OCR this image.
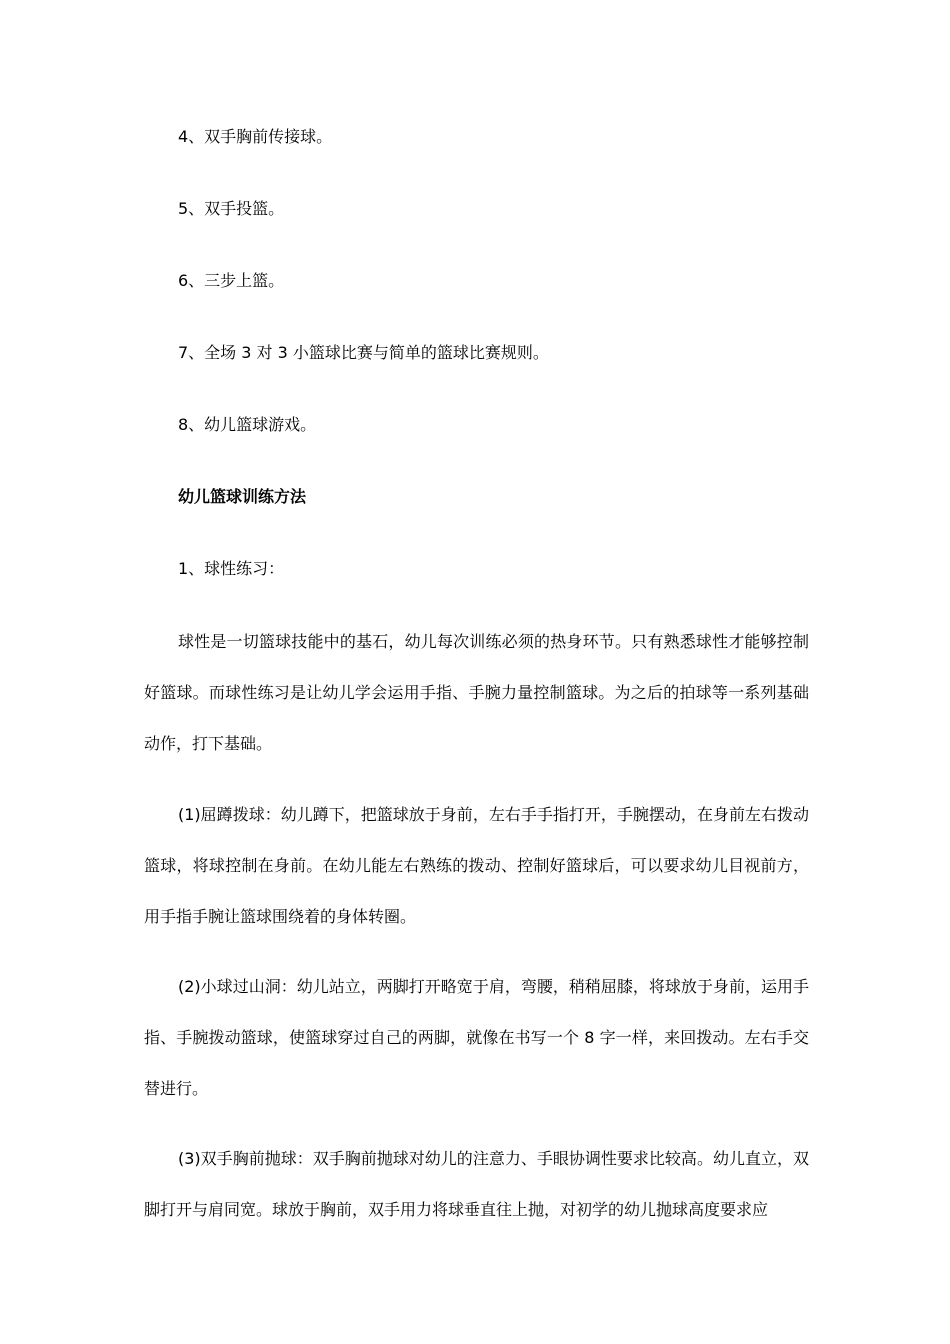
4、双手胸前传接球。
5、双手投篮。
6、三步上篮。
7、全场 3 对 3 小篮球比赛与简单的篮球比赛规则。
8、幼儿篮球游戏。
幼儿篮球训练方法
1、球性练习：

球性是一切篮球技能中的基石，幼儿每次训练必须的热身环节。只有熟悉球性才能够控制好篮球。而球性练习是让幼儿学会运用手指、手腕力量控制篮球。为之后的拍球等一系列基础动作，打下基础。

(1)屈蹲拨球：幼儿蹲下，把篮球放于身前，左右手手指打开，手腕摆动，在身前左右拨动篮球，将球控制在身前。在幼儿能左右熟练的拨动、控制好篮球后，可以要求幼儿目视前方，用手指手腕让篮球围绕着的身体转圈。

(2)小球过山洞：幼儿站立，两脚打开略宽于肩，弯腰，稍稍屈膝，将球放于身前，运用手指、手腕拨动篮球，使篮球穿过自己的两脚，就像在书写一个 8 字一样，来回拨动。左右手交替进行。

(3)双手胸前抛球：双手胸前抛球对幼儿的注意力、手眼协调性要求比较高。幼儿直立，双脚打开与肩同宽。球放于胸前，双手用力将球垂直往上抛，对初学的幼儿抛球高度要求应
